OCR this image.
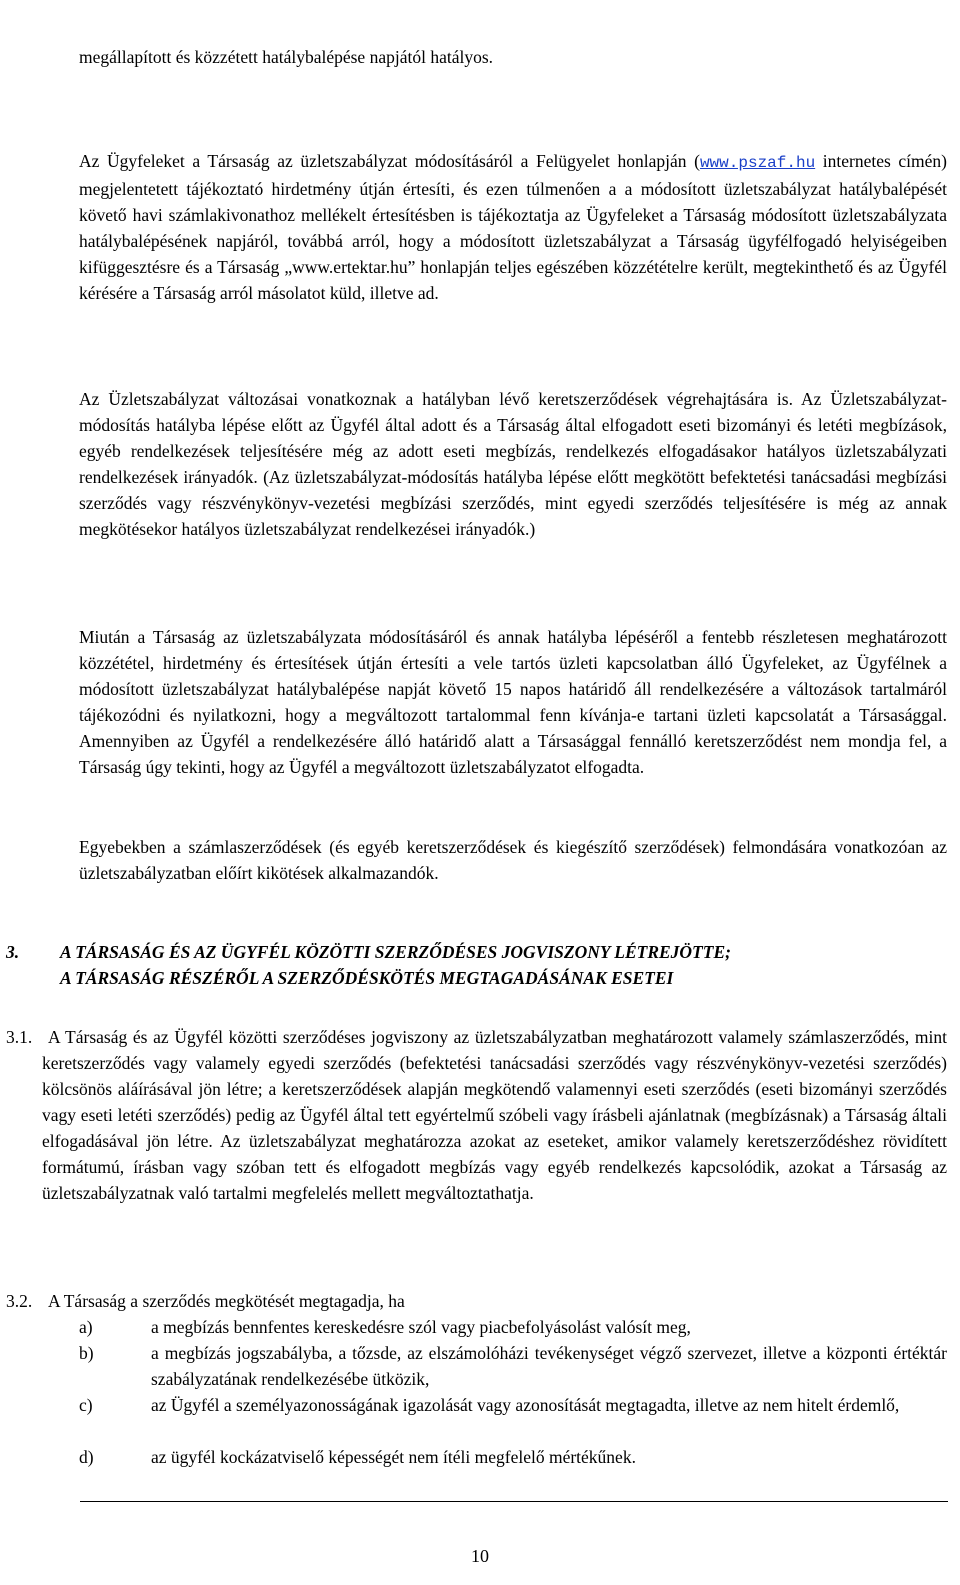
megállapított és közzétett hatálybalépése napjától hatályos.

Az Ügyfeleket a Társaság az üzletszabályzat módosításáról a Felügyelet honlapján (www.pszaf.hu internetes címén) megjelentetett tájékoztató hirdetmény útján értesíti, és ezen túlmenően a a módosított üzletszabályzat hatálybalépését követő havi számlakivonathoz mellékelt értesítésben is tájékoztatja az Ügyfeleket a Társaság módosított üzletszabályzata hatálybalépésének napjáról, továbbá arról, hogy a módosított üzletszabályzat a Társaság ügyfélfogadó helyiségeiben kifüggesztésre és a Társaság „www.ertektar.hu” honlapján teljes egészében közzétételre került, megtekinthető és az Ügyfél kérésére a Társaság arról másolatot küld, illetve ad.

Az Üzletszabályzat változásai vonatkoznak a hatályban lévő keretszerződések végrehajtására is. Az Üzletszabályzat-módosítás hatályba lépése előtt az Ügyfél által adott és a Társaság által elfogadott eseti bizományi és letéti megbízások, egyéb rendelkezések teljesítésére még az adott eseti megbízás, rendelkezés elfogadásakor hatályos üzletszabályzati rendelkezések irányadók. (Az üzletszabályzat-módosítás hatályba lépése előtt megkötött befektetési tanácsadási megbízási szerződés vagy részvénykönyv-vezetési megbízási szerződés, mint egyedi szerződés teljesítésére is még az annak megkötésekor hatályos üzletszabályzat rendelkezései irányadók.)

Miután a Társaság az üzletszabályzata módosításáról és annak hatályba lépéséről a fentebb részletesen meghatározott közzététel, hirdetmény és értesítések útján értesíti a vele tartós üzleti kapcsolatban álló Ügyfeleket, az Ügyfélnek a módosított üzletszabályzat hatálybalépése napját követő 15 napos határidő áll rendelkezésére a változások tartalmáról tájékozódni és nyilatkozni, hogy a megváltozott tartalommal fenn kívánja-e tartani üzleti kapcsolatát a Társasággal. Amennyiben az Ügyfél a rendelkezésére álló határidő alatt a Társasággal fennálló keretszerződést nem mondja fel, a Társaság úgy tekinti, hogy az Ügyfél a megváltozott üzletszabályzatot elfogadta.

Egyebekben a számlaszerződések (és egyéb keretszerződések és kiegészítő szerződések) felmondására vonatkozóan az üzletszabályzatban előírt kikötések alkalmazandók.

3. A TÁRSASÁG ÉS AZ ÜGYFÉL KÖZÖTTI SZERZŐDÉSES JOGVISZONY LÉTREJÖTTE;
A TÁRSASÁG RÉSZÉRŐL A SZERZŐDÉSKÖTÉS MEGTAGADÁSÁNAK ESETEI
3.1. A Társaság és az Ügyfél közötti szerződéses jogviszony az üzletszabályzatban meghatározott valamely számlaszerződés, mint keretszerződés vagy valamely egyedi szerződés (befektetési tanácsadási szerződés vagy részvénykönyv-vezetési szerződés) kölcsönös aláírásával jön létre; a keretszerződések alapján megkötendő valamennyi eseti szerződés (eseti bizományi szerződés vagy eseti letéti szerződés) pedig az Ügyfél által tett egyértelmű szóbeli vagy írásbeli ajánlatnak (megbízásnak) a Társaság általi elfogadásával jön létre. Az üzletszabályzat meghatározza azokat az eseteket, amikor valamely keretszerződéshez rövidített formátumú, írásban vagy szóban tett és elfogadott megbízás vagy egyéb rendelkezés kapcsolódik, azokat a Társaság az üzletszabályzatnak való tartalmi megfelelés mellett megváltoztathatja.

3.2. A Társaság a szerződés megkötését megtagadja, ha

a)	a megbízás bennfentes kereskedésre szól vagy piacbefolyásolást valósít meg,
b)	a megbízás jogszabályba, a tőzsde, az elszámolóházi tevékenységet végző szervezet, illetve a központi értéktár szabályzatának rendelkezésébe ütközik,
c)	az Ügyfél a személyazonosságának igazolását vagy azonosítását megtagadta, illetve az nem hitelt érdemlő,
d)	az ügyfél kockázatviselő képességét nem ítéli megfelelő mértékűnek.
10
